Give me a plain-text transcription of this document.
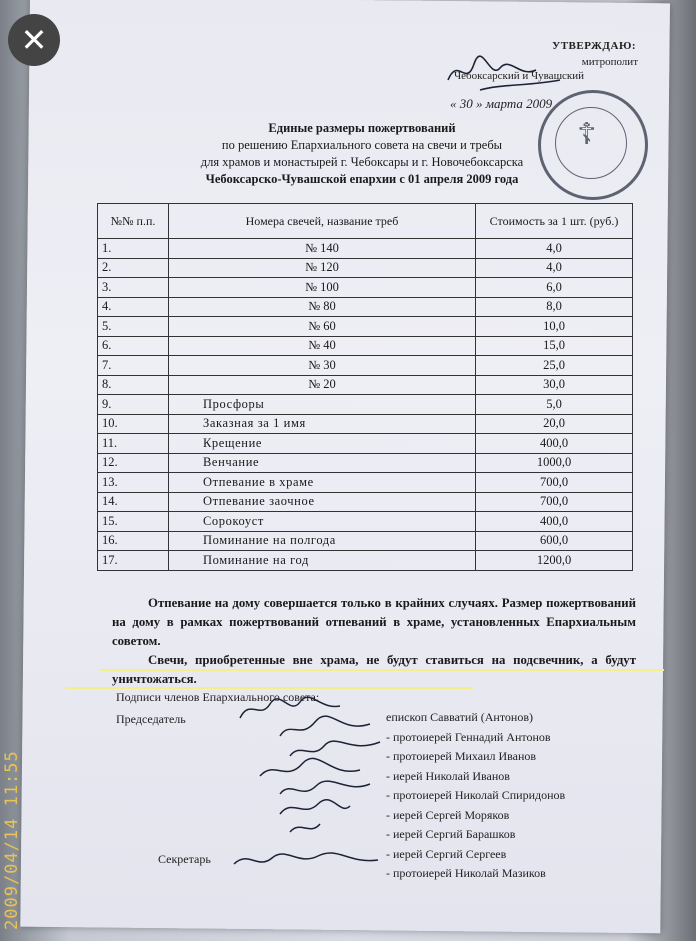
✕	УТВЕРЖДАЮ:
митрополит
Чебоксарский и Чувашский
« 30 » марта 2009
☦
Единые размеры пожертвований
по решению Епархиального совета на свечи и требы
для храмов и монастырей г. Чебоксары и г. Новочебоксарска
Чебоксарско-Чувашской епархии с 01 апреля 2009 года
№№ п.п.	Номера свечей, название треб	Стоимость за 1 шт. (руб.)
1.	№ 140	4,0
2.	№ 120	4,0
3.	№ 100	6,0
4.	№ 80	8,0
5.	№ 60	10,0
6.	№ 40	15,0
7.	№ 30	25,0
8.	№ 20	30,0
9.	Просфоры	5,0
10.	Заказная за 1 имя	20,0
11.	Крещение	400,0
12.	Венчание	1000,0
13.	Отпевание в храме	700,0
14.	Отпевание заочное	700,0
15.	Сорокоуст	400,0
16.	Поминание на полгода	600,0
17.	Поминание на год	1200,0

Отпевание на дому совершается только в крайних случаях. Размер пожертвований на дому в рамках пожертвований отпеваний в храме, установленных Епархиальным советом.

Свечи, приобретенные вне храма, не будут ставиться на подсвечник, а будут уничтожаться.

Подписи членов Епархиального совета:
Председатель
Секретарь
епископ Савватий (Антонов)
- протоиерей Геннадий Антонов
- протоиерей Михаил Иванов
- иерей Николай Иванов
- протоиерей Николай Спиридонов
- иерей Сергей Моряков
- иерей Сергий Барашков
- иерей Сергий Сергеев
- протоиерей Николай Мазиков
2009/04/14 11:55
